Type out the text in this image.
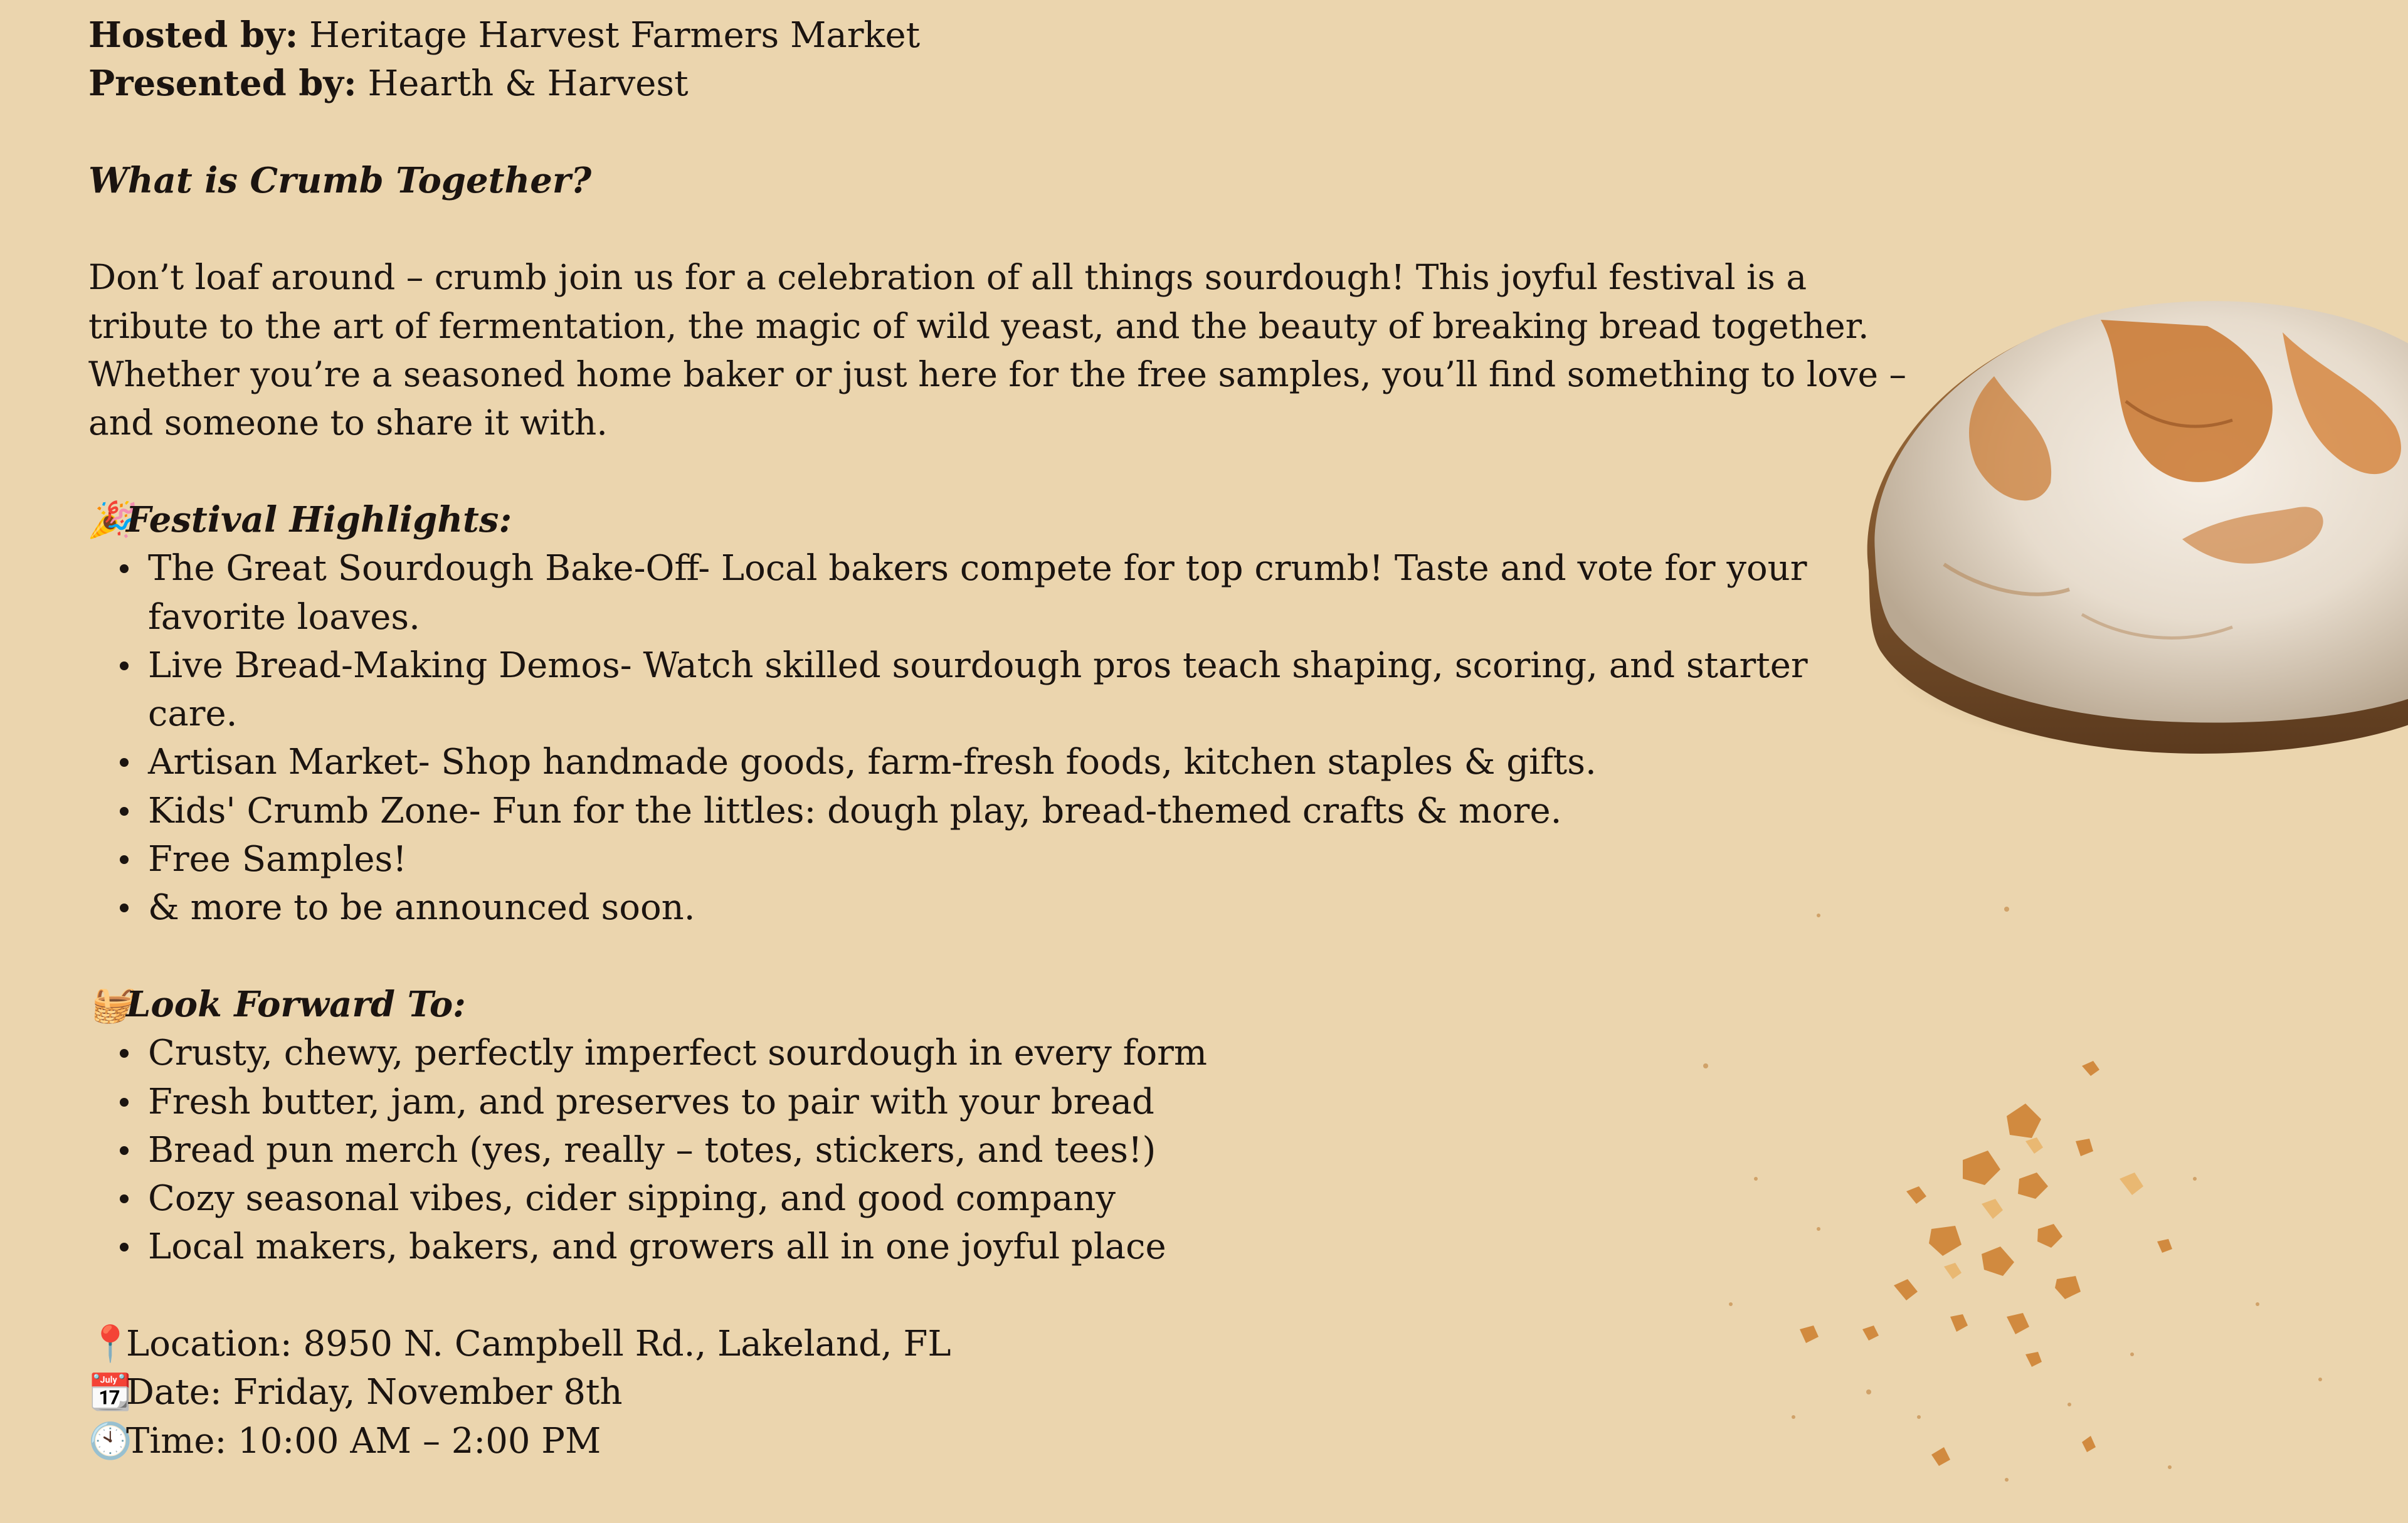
Hosted by: Heritage Harvest Farmers Market
Presented by: Hearth & Harvest
What is Crumb Together?
Don’t loaf around – crumb join us for a celebration of all things sourdough! This joyful festival is a tribute to the art of fermentation, the magic of wild yeast, and the beauty of breaking bread together. Whether you’re a seasoned home baker or just here for the free samples, you’ll find something to love – and someone to share it with.
🎉Festival Highlights:
The Great Sourdough Bake-Off- Local bakers compete for top crumb! Taste and vote for your favorite loaves.
Live Bread-Making Demos- Watch skilled sourdough pros teach shaping, scoring, and starter care.
Artisan Market- Shop handmade goods, farm-fresh foods, kitchen staples & gifts.
Kids' Crumb Zone- Fun for the littles: dough play, bread-themed crafts & more.
Free Samples!
& more to be announced soon.
🧺Look Forward To:
Crusty, chewy, perfectly imperfect sourdough in every form
Fresh butter, jam, and preserves to pair with your bread
Bread pun merch (yes, really – totes, stickers, and tees!)
Cozy seasonal vibes, cider sipping, and good company
Local makers, bakers, and growers all in one joyful place
📍Location: 8950 N. Campbell Rd., Lakeland, FL
📆Date: Friday, November 8th
🕙Time: 10:00 AM – 2:00 PM
